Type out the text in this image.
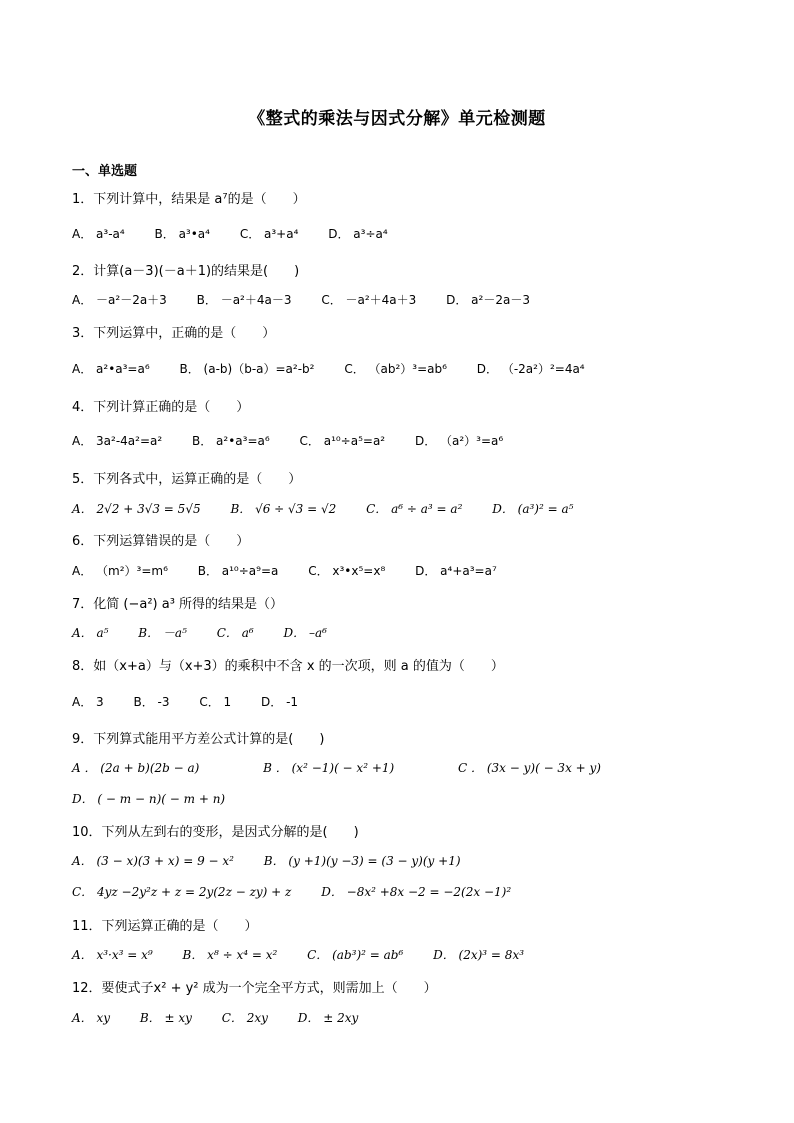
《整式的乘法与因式分解》单元检测题
一、单选题
1．下列计算中，结果是 a⁷的是（　　）
A． a³-a⁴ B． a³•a⁴ C． a³+a⁴ D． a³÷a⁴
2．计算(a－3)(－a＋1)的结果是(　　)
A． －a²－2a＋3 B． －a²＋4a－3 C． －a²＋4a＋3 D． a²－2a－3
3．下列运算中，正确的是（　　）
A． a²•a³=a⁶ B． (a-b)（b-a）=a²-b² C． （ab²）³=ab⁶ D． （-2a²）²=4a⁴
4．下列计算正确的是（　　）
A． 3a²-4a²=a² B． a²•a³=a⁶ C． a¹⁰÷a⁵=a² D． （a²）³=a⁶
5．下列各式中，运算正确的是（　　）
A． 2√2 + 3√3 = 5√5 B． √6 ÷ √3 = √2 C． a⁶ ÷ a³ = a² D． (a³)² = a⁵
6．下列运算错误的是（　　）
A． （m²）³=m⁶ B． a¹⁰÷a⁹=a C． x³•x⁵=x⁸ D． a⁴+a³=a⁷
7．化简 (−a²) a³ 所得的结果是（）
A． a⁵ B． －a⁵ C． a⁶ D． –a⁶
8．如（x+a）与（x+3）的乘积中不含 x 的一次项，则 a 的值为（　　）
A． 3 B． -3 C． 1 D． -1
9．下列算式能用平方差公式计算的是(　　)
A ． (2a + b)(2b − a)	B ． (x² −1)( − x² +1)	C ． (3x − y)( − 3x + y)
D． ( − m − n)( − m + n)
10．下列从左到右的变形，是因式分解的是(　　)
A． (3 − x)(3 + x) = 9 − x² B． (y +1)(y −3) = (3 − y)(y +1)
C． 4yz −2y²z + z = 2y(2z − zy) + z D． −8x² +8x −2 = −2(2x −1)²
11．下列运算正确的是（　　）
A． x³·x³ = x⁹ B． x⁸ ÷ x⁴ = x² C． (ab³)² = ab⁶ D． (2x)³ = 8x³
12．要使式子x² + y² 成为一个完全平方式，则需加上（　　）
A． xy B． ± xy C． 2xy D． ± 2xy
